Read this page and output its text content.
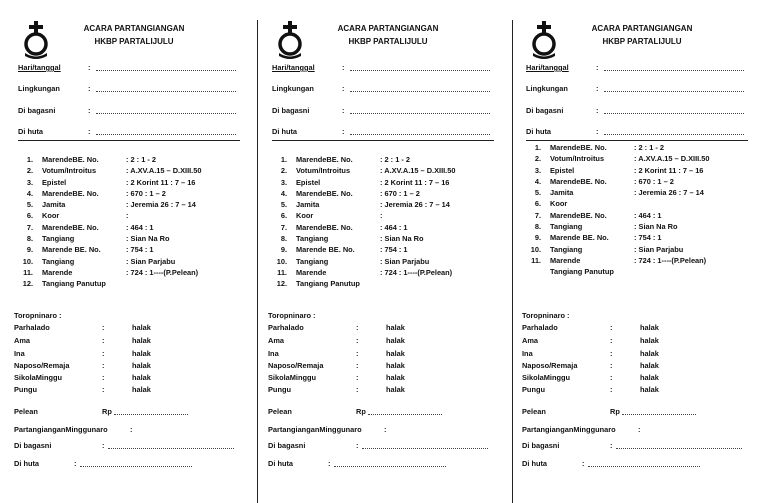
ACARA PARTANGIANGAN
HKBP PARTALIJULU
Hari/tanggal	:
Lingkungan	:
Di bagasni	:
Di huta	:
1. MarendeBE. No.	: 2 : 1 - 2
2. Votum/Introitus	: A.XV.A.15 – D.XIII.50
3. Epistel	: 2 Korint 11 : 7 – 16
4. MarendeBE. No.	: 670 : 1 – 2
5. Jamita	: Jeremia 26 : 7 – 14
6. Koor	:
7. MarendeBE. No.	: 464 : 1
8. Tangiang	: Sian Na Ro
9. Marende BE. No.	: 754 : 1
10. Tangiang	: Sian Parjabu
11. Marende	: 724 : 1----(P.Pelean)
12. Tangiang Panutup
Toropninaro :
Parhalado	:	halak
Ama	:	halak
Ina	:	halak
Naposo/Remaja	:	halak
SikolaMinggu	:	halak
Pungu	:	halak
Pelean	Rp
PartangianganMinggunaro	:
Di bagasni	:
Di huta	:
ACARA PARTANGIANGAN
HKBP PARTALIJULU
Hari/tanggal	:
Lingkungan	:
Di bagasni	:
Di huta	:
1. MarendeBE. No.	: 2 : 1 - 2
2. Votum/Introitus	: A.XV.A.15 – D.XIII.50
3. Epistel	: 2 Korint 11 : 7 – 16
4. MarendeBE. No.	: 670 : 1 – 2
5. Jamita	: Jeremia 26 : 7 – 14
6. Koor	:
7. MarendeBE. No.	: 464 : 1
8. Tangiang	: Sian Na Ro
9. Marende BE. No.	: 754 : 1
10. Tangiang	: Sian Parjabu
11. Marende	: 724 : 1----(P.Pelean)
12. Tangiang Panutup
Toropninaro :
Parhalado	:	halak
Ama	:	halak
Ina	:	halak
Naposo/Remaja	:	halak
SikolaMinggu	:	halak
Pungu	:	halak
Pelean	Rp
PartangianganMinggunaro	:
Di bagasni	:
Di huta	:
ACARA PARTANGIANGAN
HKBP PARTALIJULU
Hari/tanggal	:
Lingkungan	:
Di bagasni	:
Di huta	:
1. MarendeBE. No.	: 2 : 1 - 2
2. Votum/Introitus	: A.XV.A.15 – D.XIII.50
3. Epistel	: 2 Korint 11 : 7 – 16
4. MarendeBE. No.	: 670 : 1 – 2
5. Jamita	: Jeremia 26 : 7 – 14
6. Koor
7. MarendeBE. No.	: 464 : 1
8. Tangiang	: Sian Na Ro
9. Marende BE. No.	: 754 : 1
10. Tangiang	: Sian Parjabu
11. Marende	: 724 : 1----(P.Pelean)
Tangiang Panutup
Toropninaro :
Parhalado	:	halak
Ama	:	halak
Ina	:	halak
Naposo/Remaja	:	halak
SikolaMinggu	:	halak
Pungu	:	halak
Pelean	Rp
PartangianganMinggunaro	:
Di bagasni	:
Di huta	:
